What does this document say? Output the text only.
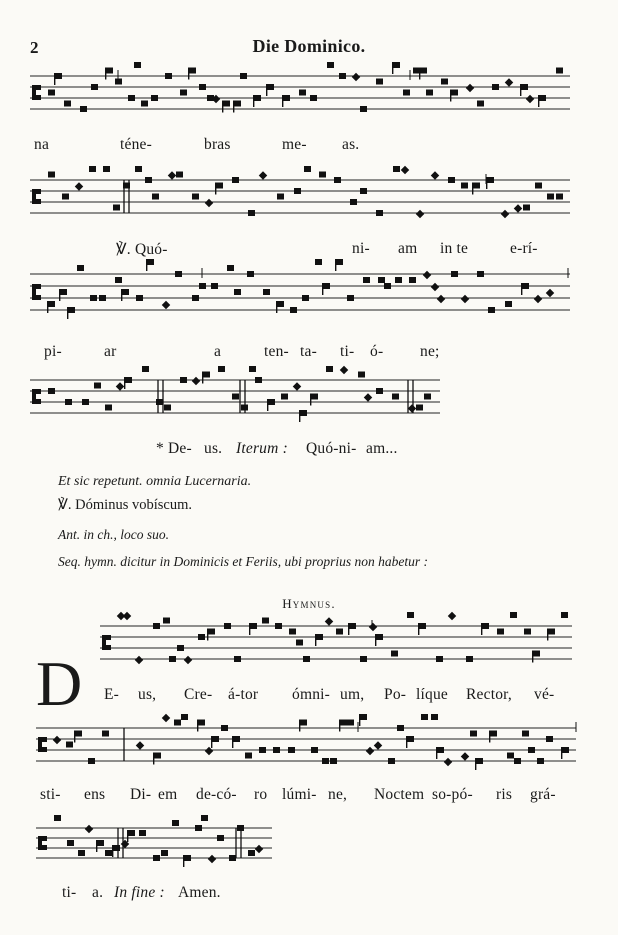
2	Die Dominico.
na	téne-	bras	me- as.
℣. Quó-	ni- am in te	e-rí-
pi-	ar	a	ten- ta- ti- ó- ne;
* De- us. Iterum : Quó-ni- am...
Et sic repetunt. omnia Lucernaria.
℣. Dóminus vobíscum.
Ant. in ch., loco suo.
Seq. hymn. dicitur in Dominicis et Feriis, ubi proprius non habetur :
Hymnus.
D E- us, Cre- á-tor ómni- um, Po- líque Rector, vé-
sti- ens Di- em de-có- ro lúmi- ne, Noctem so-pó- ris grá-
ti- a. In fine : Amen.
